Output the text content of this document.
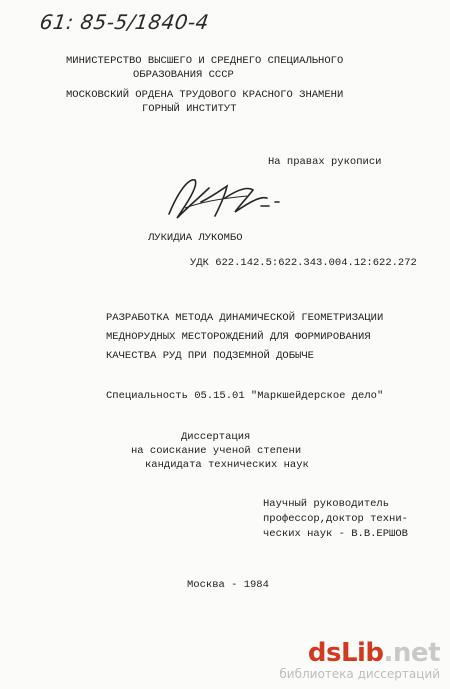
61: 85-5/1840-4
МИНИСТЕРСТВО ВЫСШЕГО И СРЕДНЕГО СПЕЦИАЛЬНОГО
ОБРАЗОВАНИЯ СССР
МОСКОВСКИЙ ОРДЕНА ТРУДОВОГО КРАСНОГО ЗНАМЕНИ
ГОРНЫЙ ИНСТИТУТ
На правах рукописи
ЛУКИДИА ЛУКОМБО
УДК 622.142.5:622.343.004.12:622.272
РАЗРАБОТКА МЕТОДА ДИНАМИЧЕСКОЙ ГЕОМЕТРИЗАЦИИ
МЕДНОРУДНЫХ МЕСТОРОЖДЕНИЙ ДЛЯ ФОРМИРОВАНИЯ
КАЧЕСТВА РУД ПРИ ПОДЗЕМНОЙ ДОБЫЧЕ
Специальность 05.15.01 "Маркшейдерское дело"
Диссертация
на соискание ученой степени
кандидата технических наук
Научный руководитель
профессор,доктор техни-
ческих наук - В.В.ЕРШОВ
Москва - 1984
dsLib.net
библиотека диссертаций
